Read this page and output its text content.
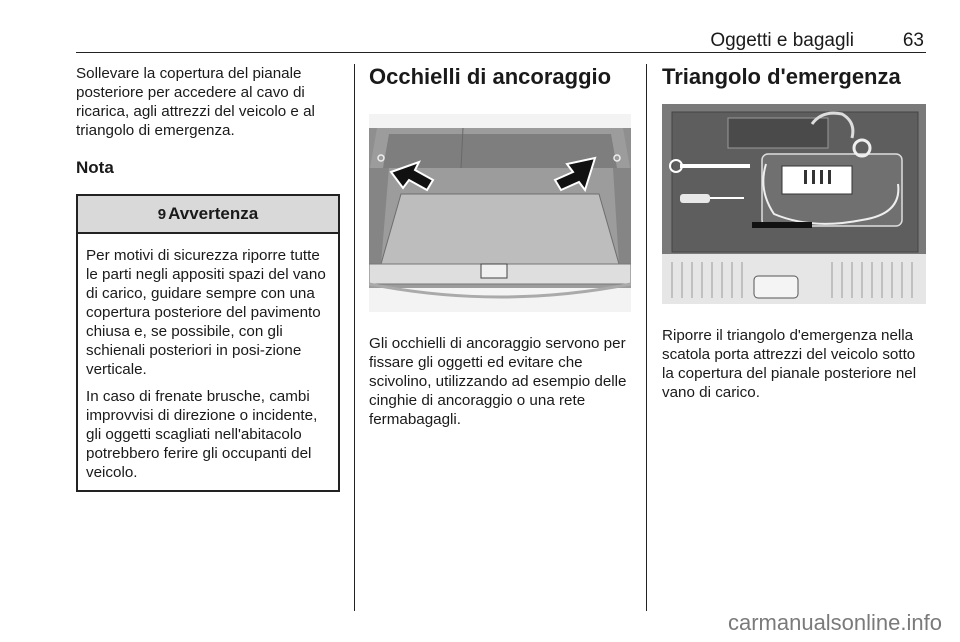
Oggetti e bagagli	63

Sollevare la copertura del pianale posteriore per accedere al cavo di ricarica, agli attrezzi del veicolo e al triangolo di emergenza.

Nota
9 Avvertenza

Per motivi di sicurezza riporre tutte le parti negli appositi spazi del vano di carico, guidare sempre con una copertura posteriore del pavimento chiusa e, se possibile, con gli schienali posteriori in posi-zione verticale.

In caso di frenate brusche, cambi improvvisi di direzione o incidente, gli oggetti scagliati nell'abitacolo potrebbero ferire gli occupanti del veicolo.

Occhielli di ancoraggio

Gli occhielli di ancoraggio servono per fissare gli oggetti ed evitare che scivolino, utilizzando ad esempio delle cinghie di ancoraggio o una rete fermabagagli.

Triangolo d'emergenza

Riporre il triangolo d'emergenza nella scatola porta attrezzi del veicolo sotto la copertura del pianale posteriore nel vano di carico.

carmanualsonline.info
